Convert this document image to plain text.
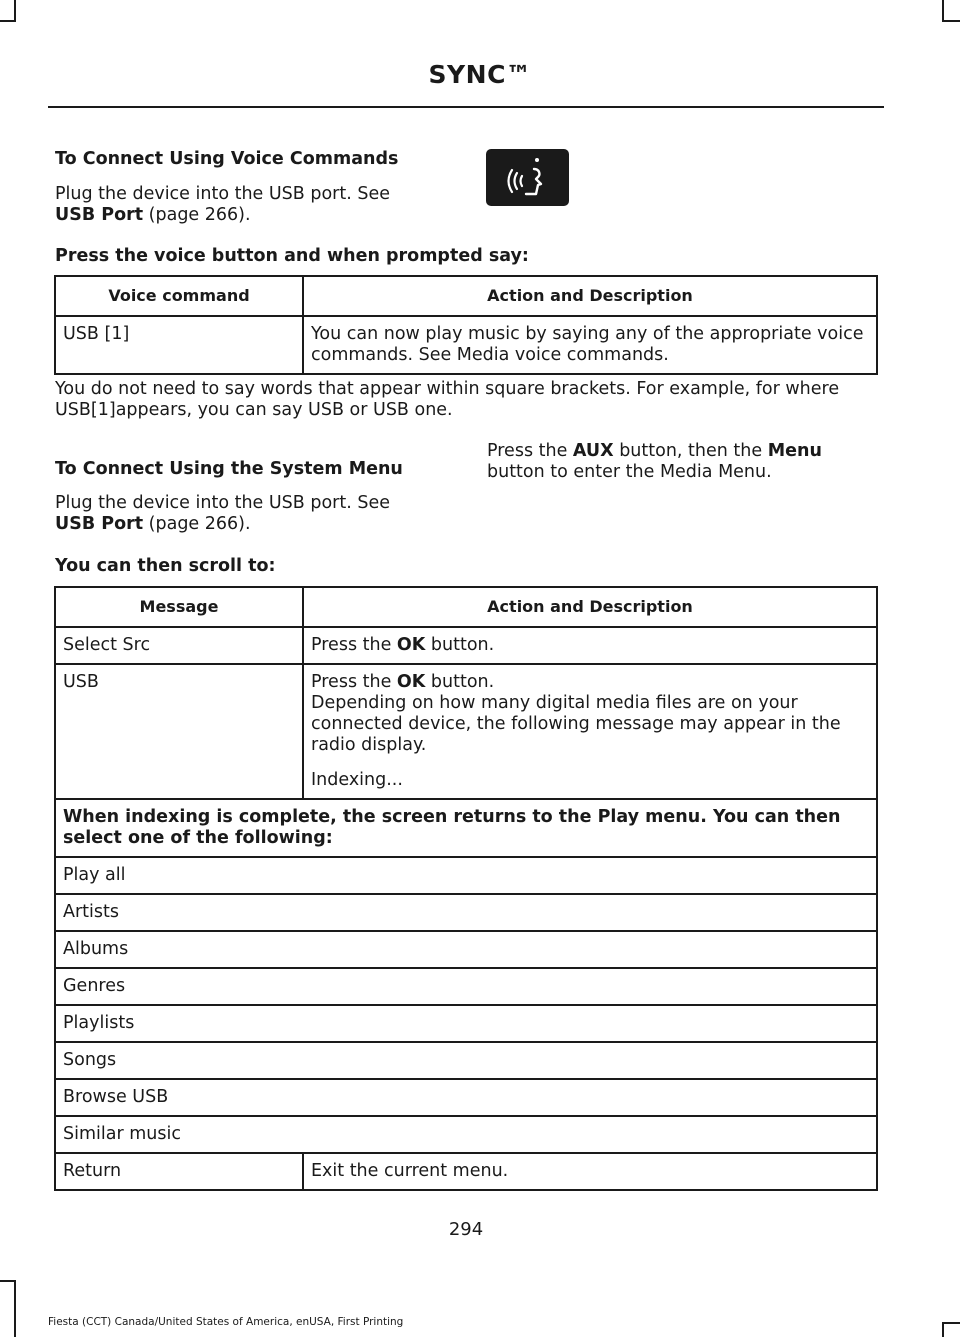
SYNC™
To Connect Using Voice Commands

Plug the device into the USB port. See
USB Port (page 266).

Press the voice button and when prompted say:
Voice command	Action and Description
USB [1]	You can now play music by saying any of the appropriate voice commands. See Media voice commands.

You do not need to say words that appear within square brackets. For example, for where USB[1]appears, you can say USB or USB one.

To Connect Using the System Menu

Plug the device into the USB port. See
USB Port (page 266).

Press the AUX button, then the Menu button to enter the Media Menu.

You can then scroll to:
Message	Action and Description
Select Src	Press the OK button.
USB	Press the OK button.
Depending on how many digital media files are on your connected device, the following message may appear in the radio display.
Indexing...

When indexing is complete, the screen returns to the Play menu. You can then select one of the following:	
Play all	
Artists	
Albums	
Genres	
Playlists	
Songs	
Browse USB	
Similar music	
Return	Exit the current menu.
294
Fiesta (CCT) Canada/United States of America, enUSA, First Printing
